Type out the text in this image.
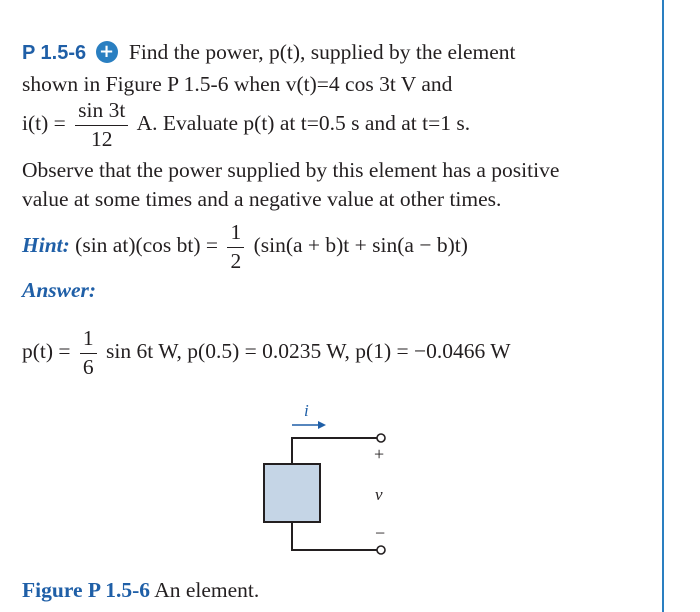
P 1.5-6 + Find the power, p(t), supplied by the element
shown in Figure P 1.5-6 when v(t)=4 cos 3t V and
$i(t) = \frac{\sin 3t}{12} A$. Evaluate p(t) at t=0.5 s and at t=1 s.
Observe that the power supplied by this element has a positive
value at some times and a negative value at other times.
Hint: (sin at)(cos $bt) = \frac{1}{2} (\sin(a + b)t + \sin(a - b)t)$
Answer:
$p(t) = \frac{1}{6}$ sin 6t W, p(0.5) = 0.0235 W, p(1) = −0.0466 W
i
+
v
−
Figure P 1.5-6 An element.
